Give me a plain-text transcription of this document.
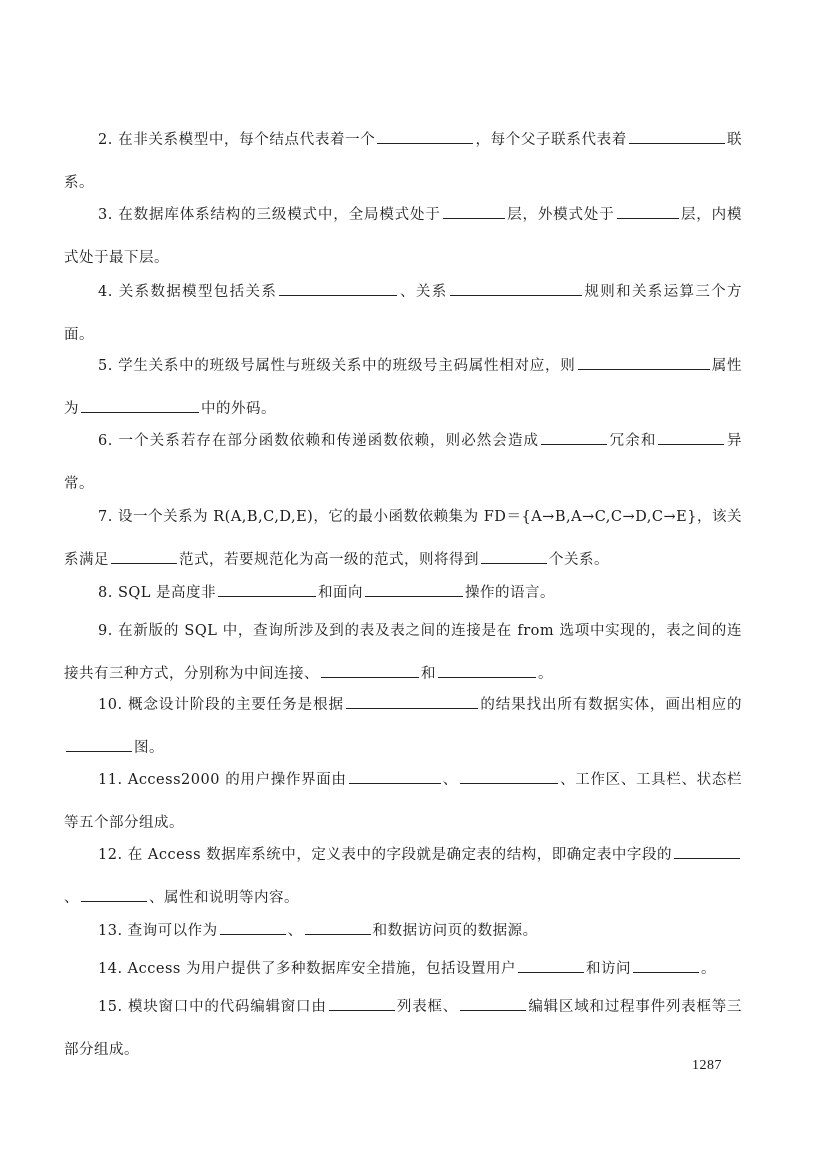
2. 在非关系模型中，每个结点代表着一个	，每个父子联系代表着	联系。
3. 在数据库体系结构的三级模式中，全局模式处于	层，外模式处于	层，内模式处于最下层。
4. 关系数据模型包括关系	、关系	规则和关系运算三个方面。
5. 学生关系中的班级号属性与班级关系中的班级号主码属性相对应，则	属性为	中的外码。
6. 一个关系若存在部分函数依赖和传递函数依赖，则必然会造成	冗余和	异常。
7. 设一个关系为 R(A,B,C,D,E)，它的最小函数依赖集为 FD＝{A→B,A→C,C→D,C→E}，该关系满足	范式，若要规范化为高一级的范式，则将得到	个关系。
8. SQL 是高度非	和面向	操作的语言。
9. 在新版的 SQL 中，查询所涉及到的表及表之间的连接是在 from 选项中实现的，表之间的连接共有三种方式，分别称为中间连接、	和	。
10. 概念设计阶段的主要任务是根据	的结果找出所有数据实体，画出相应的图。
11. Access2000 的用户操作界面由	、	、工作区、工具栏、状态栏等五个部分组成。
12. 在 Access 数据库系统中，定义表中的字段就是确定表的结构，即确定表中字段的、	、属性和说明等内容。
13. 查询可以作为	、	和数据访问页的数据源。
14. Access 为用户提供了多种数据库安全措施，包括设置用户	和访问	。
15. 模块窗口中的代码编辑窗口由	列表框、	编辑区域和过程事件列表框等三部分组成。
1287
